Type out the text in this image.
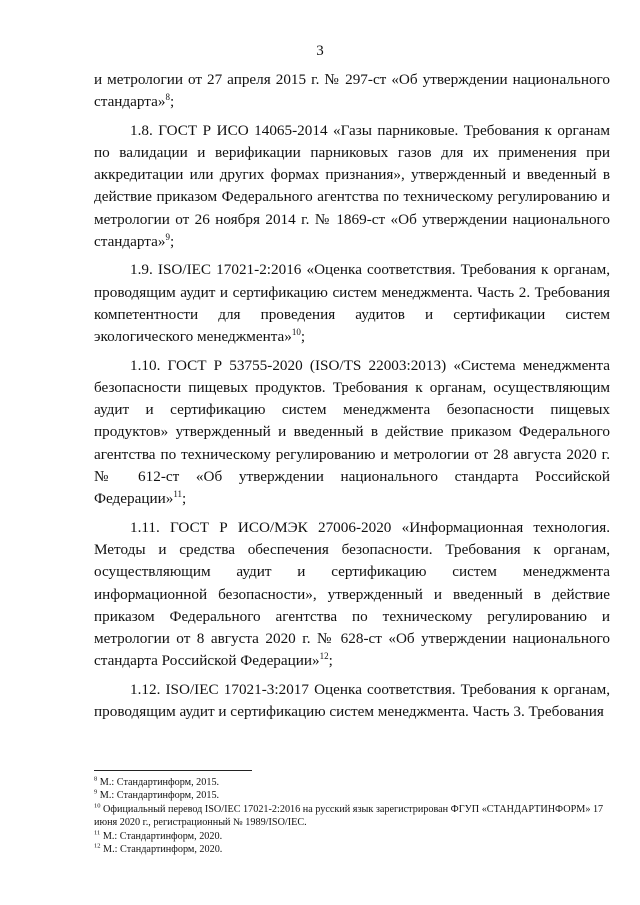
3

и метрологии от 27 апреля 2015 г. № 297-ст «Об утверждении национального стандарта»$^8$;

1.8. ГОСТ Р ИСО 14065-2014 «Газы парниковые. Требования к органам по валидации и верификации парниковых газов для их применения при аккредитации или других формах признания», утвержденный и введенный в действие приказом Федерального агентства по техническому регулированию и метрологии от 26 ноября 2014 г. № 1869-ст «Об утверждении национального стандарта»$^9$;

1.9. ISO/IEC 17021-2:2016 «Оценка соответствия. Требования к органам, проводящим аудит и сертификацию систем менеджмента. Часть 2. Требования компетентности для проведения аудитов и сертификации систем экологического менеджмента»$^{10}$;

1.10. ГОСТ Р 53755-2020 (ISO/TS 22003:2013) «Система менеджмента безопасности пищевых продуктов. Требования к органам, осуществляющим аудит и сертификацию систем менеджмента безопасности пищевых продуктов» утвержденный и введенный в действие приказом Федерального агентства по техническому регулированию и метрологии от 28 августа 2020 г. № 612-ст «Об утверждении национального стандарта Российской Федерации»$^{11}$;

1.11. ГОСТ Р ИСО/МЭК 27006-2020 «Информационная технология. Методы и средства обеспечения безопасности. Требования к органам, осуществляющим аудит и сертификацию систем менеджмента информационной безопасности», утвержденный и введенный в действие приказом Федерального агентства по техническому регулированию и метрологии от 8 августа 2020 г. № 628-ст «Об утверждении национального стандарта Российской Федерации»$^{12}$;

1.12. ISO/IEC 17021-3:2017 Оценка соответствия. Требования к органам, проводящим аудит и сертификацию систем менеджмента. Часть 3. Требования

$^8$ М.: Стандартинформ, 2015.

$^9$ М.: Стандартинформ, 2015.

$^{10}$ Официальный перевод ISO/IEC 17021-2:2016 на русский язык зарегистрирован ФГУП «СТАНДАРТИНФОРМ» 17 июня 2020 г., регистрационный № 1989/ISO/IEC.

$^{11}$ М.: Стандартинформ, 2020.

$^{12}$ М.: Стандартинформ, 2020.
